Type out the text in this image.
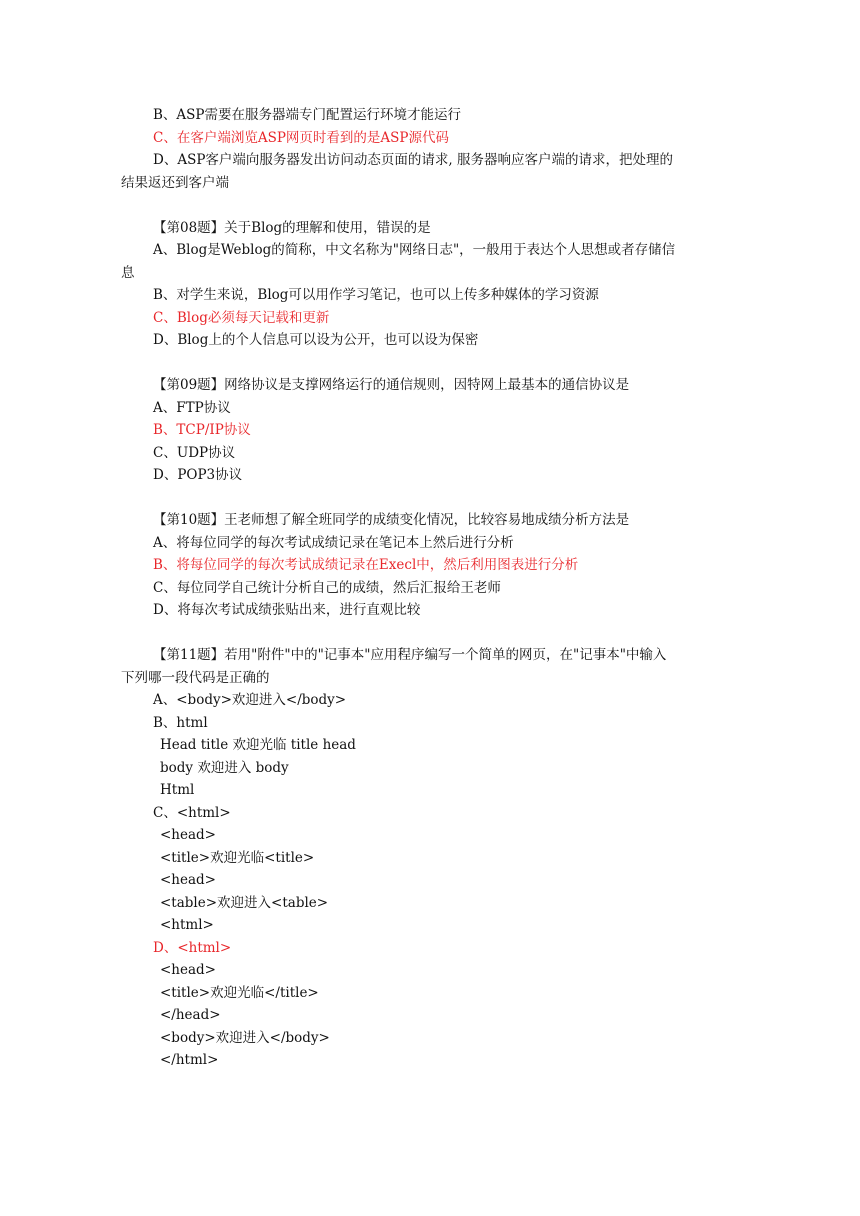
B、ASP需要在服务器端专门配置运行环境才能运行
C、在客户端浏览ASP网页时看到的是ASP源代码
D、ASP客户端向服务器发出访问动态页面的请求, 服务器响应客户端的请求，把处理的
结果返还到客户端
【第08题】关于Blog的理解和使用，错误的是
A、Blog是Weblog的简称，中文名称为"网络日志"，一般用于表达个人思想或者存储信
息
B、对学生来说，Blog可以用作学习笔记，也可以上传多种媒体的学习资源
C、Blog必须每天记载和更新
D、Blog上的个人信息可以设为公开，也可以设为保密
【第09题】网络协议是支撑网络运行的通信规则，因特网上最基本的通信协议是
A、FTP协议
B、TCP/IP协议
C、UDP协议
D、POP3协议
【第10题】王老师想了解全班同学的成绩变化情况，比较容易地成绩分析方法是
A、将每位同学的每次考试成绩记录在笔记本上然后进行分析
B、将每位同学的每次考试成绩记录在Execl中，然后利用图表进行分析
C、每位同学自己统计分析自己的成绩，然后汇报给王老师
D、将每次考试成绩张贴出来，进行直观比较
【第11题】若用"附件"中的"记事本"应用程序编写一个简单的网页，在"记事本"中输入
下列哪一段代码是正确的
A、<body>欢迎进入</body>
B、html
Head title 欢迎光临 title head
body 欢迎进入 body
Html
C、<html>
<head>
<title>欢迎光临<title>
<head>
<table>欢迎进入<table>
<html>
D、<html>
<head>
<title>欢迎光临</title>
</head>
<body>欢迎进入</body>
</html>
